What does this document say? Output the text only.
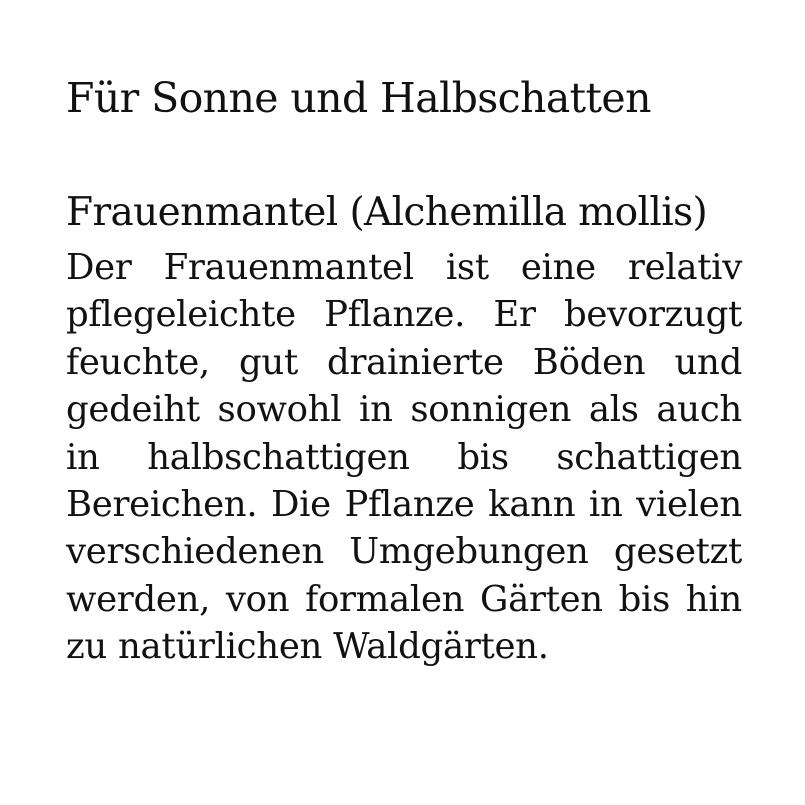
Für Sonne und Halbschatten
Frauenmantel (Alchemilla mollis)

Der Frauenmantel ist eine relativ pflegeleichte Pflanze. Er bevorzugt feuchte, gut drainierte Böden und gedeiht sowohl in sonnigen als auch in halbschattigen bis schattigen Bereichen. Die Pflanze kann in vielen verschiedenen Umgebungen gesetzt werden, von formalen Gärten bis hin zu natürlichen Waldgärten.
